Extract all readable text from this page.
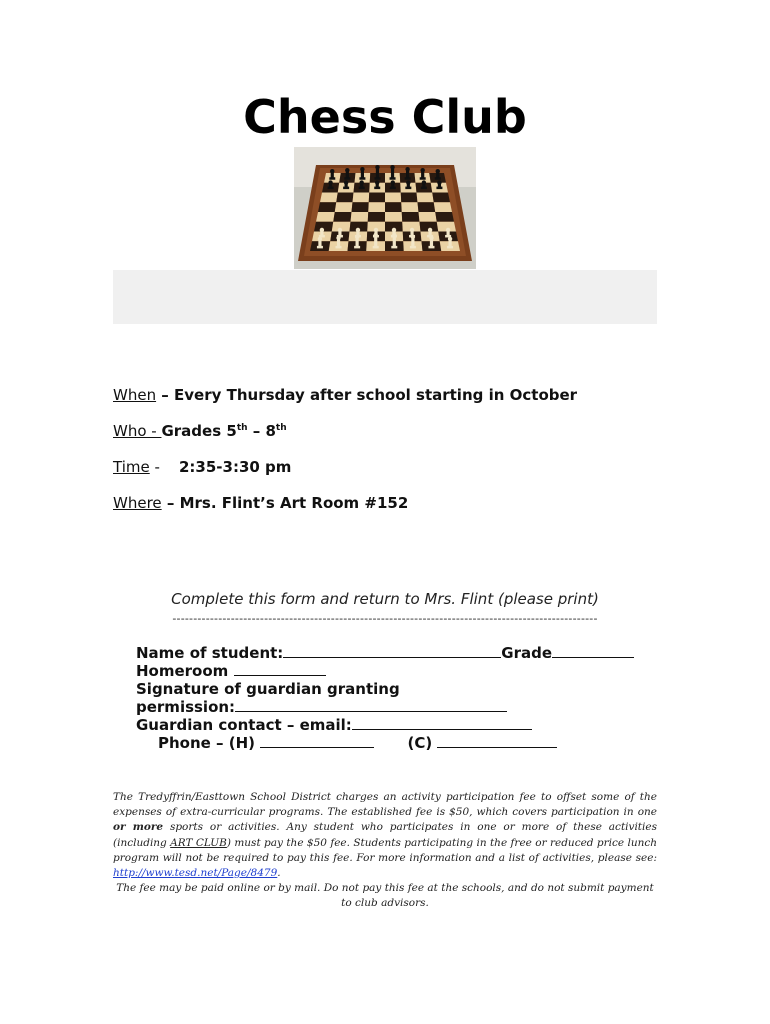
Chess Club
When – Every Thursday after school starting in October
Who - Grades 5th – 8th
Time -    2:35-3:30 pm
Where – Mrs. Flint’s Art Room #152
Complete this form and return to Mrs. Flint (please print)
------------------------------------------------------------------------------------------------------
Name of student:	Grade
Homeroom
Signature of guardian granting
permission:
Guardian contact – email:
Phone – (H)	(C)
The Tredyffrin/Easttown School District charges an activity participation fee to offset some of the expenses of extra-curricular programs. The established fee is $50, which covers participation in one or more sports or activities. Any student who participates in one or more of these activities (including ART CLUB) must pay the $50 fee. Students participating in the free or reduced price lunch program will not be required to pay this fee. For more information and a list of activities, please see: http://www.tesd.net/Page/8479.
The fee may be paid online or by mail. Do not pay this fee at the schools, and do not submit payment to club advisors.
